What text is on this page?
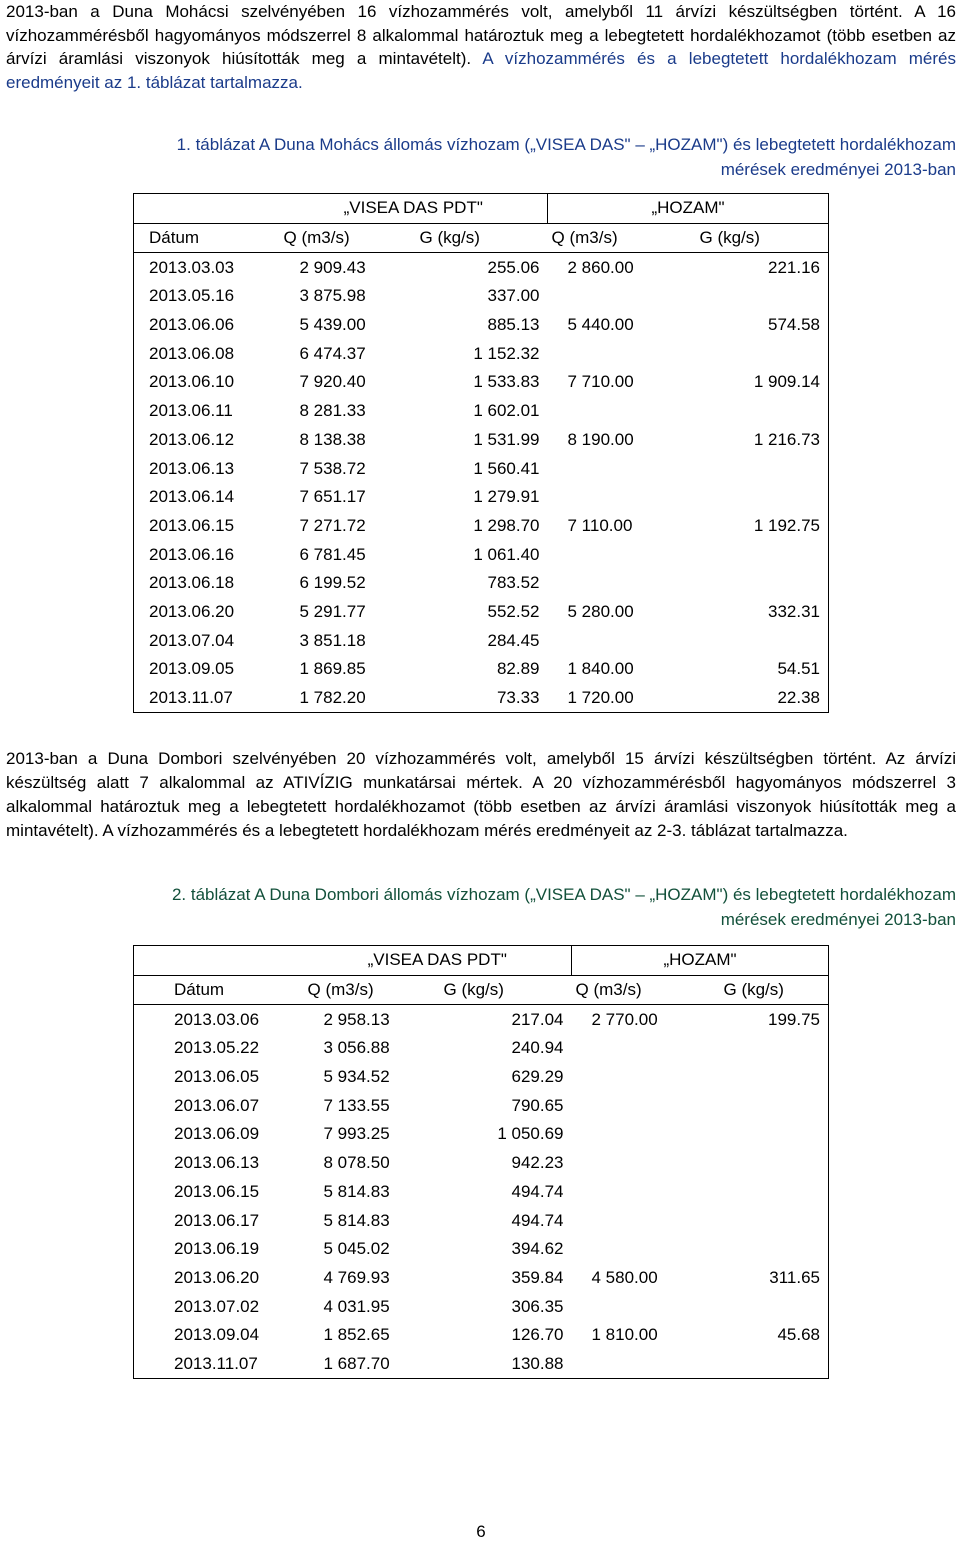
2013-ban a Duna Mohácsi szelvényében 16 vízhozammérés volt, amelyből 11 árvízi készültségben történt. A 16 vízhozammérésből hagyományos módszerrel 8 alkalommal határoztuk meg a lebegtetett hordalékhozamot (több esetben az árvízi áramlási viszonyok hiúsították meg a mintavételt). A vízhozammérés és a lebegtetett hordalékhozam mérés eredményeit az 1. táblázat tartalmazza.

1. táblázat A Duna Mohács állomás vízhozam („VISEA DAS" – „HOZAM") és lebegtetett hordalékhozam mérések eredményei 2013-ban

	„VISEA DAS PDT"		„HOZAM"	
Dátum	Q (m3/s)	G (kg/s)	Q (m3/s)	G (kg/s)
2013.03.03	2 909.43	255.06	2 860.00	221.16
2013.05.16	3 875.98	337.00		
2013.06.06	5 439.00	885.13	5 440.00	574.58
2013.06.08	6 474.37	1 152.32		
2013.06.10	7 920.40	1 533.83	7 710.00	1 909.14
2013.06.11	8 281.33	1 602.01		
2013.06.12	8 138.38	1 531.99	8 190.00	1 216.73
2013.06.13	7 538.72	1 560.41		
2013.06.14	7 651.17	1 279.91		
2013.06.15	7 271.72	1 298.70	7 110.00	1 192.75
2013.06.16	6 781.45	1 061.40		
2013.06.18	6 199.52	783.52		
2013.06.20	5 291.77	552.52	5 280.00	332.31
2013.07.04	3 851.18	284.45		
2013.09.05	1 869.85	82.89	1 840.00	54.51
2013.11.07	1 782.20	73.33	1 720.00	22.38

2013-ban a Duna Dombori szelvényében 20 vízhozammérés volt, amelyből 15 árvízi készültségben történt. Az árvízi készültség alatt 7 alkalommal az ATIVÍZIG munkatársai mértek. A 20 vízhozammérésből hagyományos módszerrel 3 alkalommal határoztuk meg a lebegtetett hordalékhozamot (több esetben az árvízi áramlási viszonyok hiúsították meg a mintavételt). A vízhozammérés és a lebegtetett hordalékhozam mérés eredményeit az 2-3. táblázat tartalmazza.

2. táblázat A Duna Dombori állomás vízhozam („VISEA DAS" – „HOZAM") és lebegtetett hordalékhozam mérések eredményei 2013-ban

	„VISEA DAS PDT"		„HOZAM"	
Dátum	Q (m3/s)	G (kg/s)	Q (m3/s)	G (kg/s)
2013.03.06	2 958.13	217.04	2 770.00	199.75
2013.05.22	3 056.88	240.94		
2013.06.05	5 934.52	629.29		
2013.06.07	7 133.55	790.65		
2013.06.09	7 993.25	1 050.69		
2013.06.13	8 078.50	942.23		
2013.06.15	5 814.83	494.74		
2013.06.17	5 814.83	494.74		
2013.06.19	5 045.02	394.62		
2013.06.20	4 769.93	359.84	4 580.00	311.65
2013.07.02	4 031.95	306.35		
2013.09.04	1 852.65	126.70	1 810.00	45.68
2013.11.07	1 687.70	130.88		
6
